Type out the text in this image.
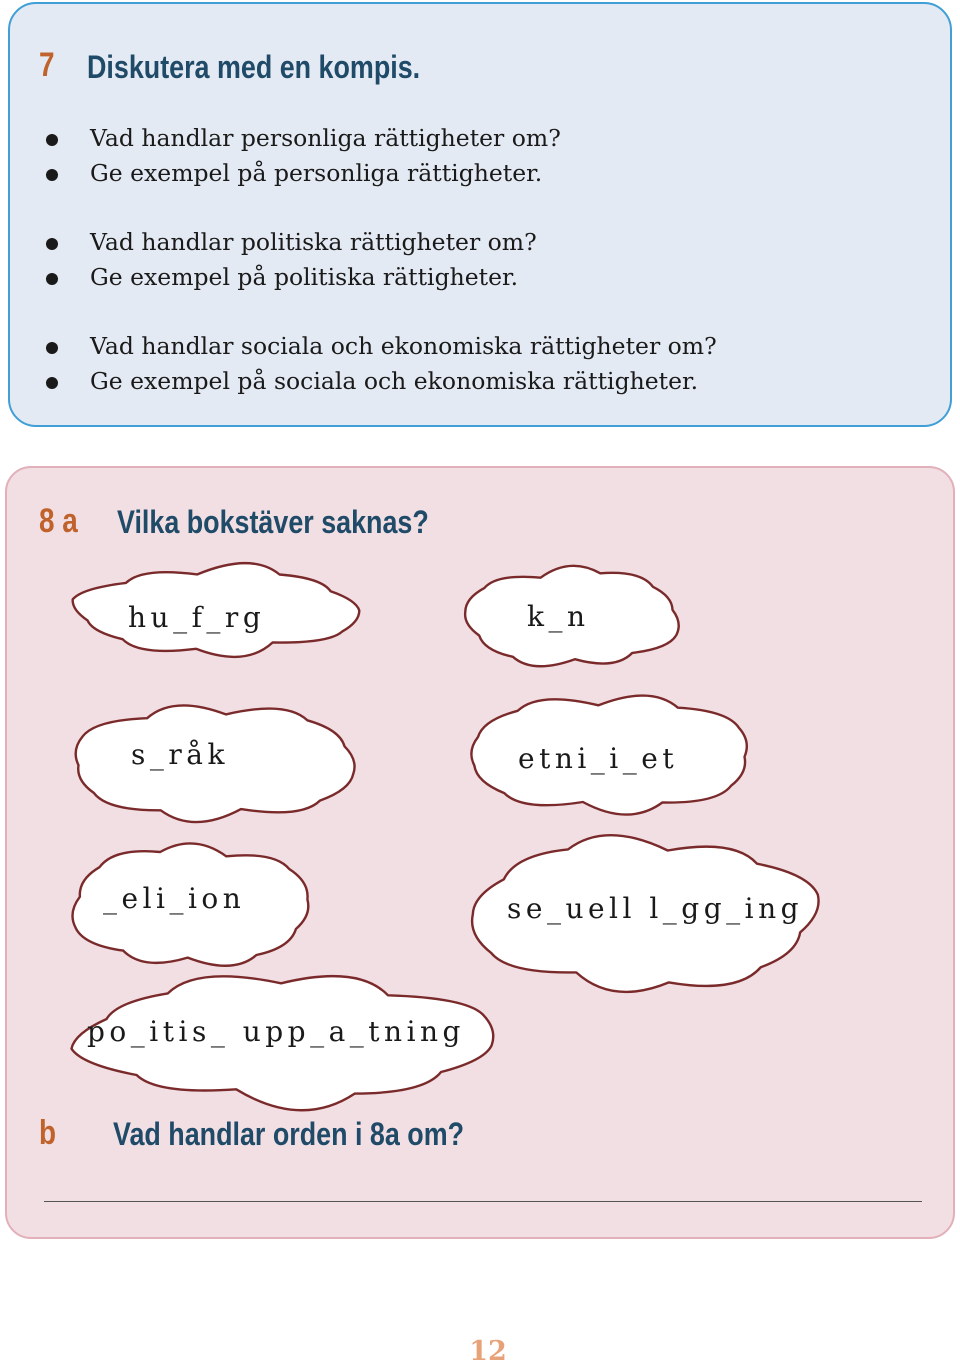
7 Diskutera med en kompis.
Vad handlar personliga rättigheter om?
Ge exempel på personliga rättigheter.
Vad handlar politiska rättigheter om?
Ge exempel på politiska rättigheter.
Vad handlar sociala och ekonomiska rättigheter om?
Ge exempel på sociala och ekonomiska rättigheter.
8 a Vilka bokstäver saknas?
hu_f_rg	k_n
s_råk	etni_i_et
_eli_ion	se_uell l_gg_ing
po_itis_ upp_a_tning
b Vad handlar orden i 8a om?
12
